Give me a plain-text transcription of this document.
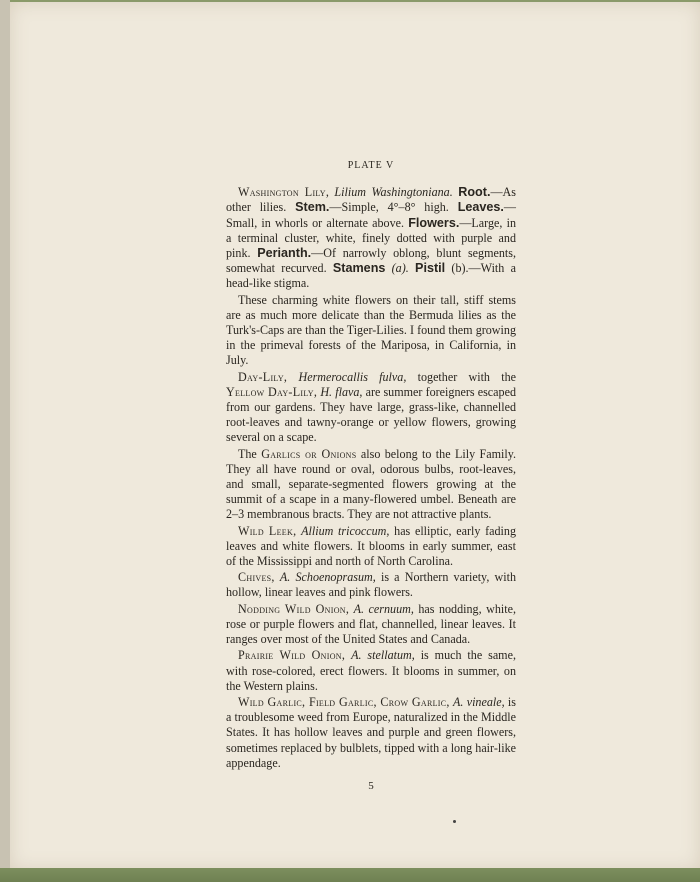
PLATE V

Washington Lily, Lilium Washingtoniana. Root.—As other lilies. Stem.—Simple, 4°–8° high. Leaves.—Small, in whorls or alternate above. Flowers.—Large, in a terminal cluster, white, finely dotted with purple and pink. Perianth.—Of narrowly oblong, blunt segments, somewhat recurved. Stamens (a). Pistil (b).—With a head-like stigma.

These charming white flowers on their tall, stiff stems are as much more delicate than the Bermuda lilies as the Turk's-Caps are than the Tiger-Lilies. I found them growing in the primeval forests of the Mariposa, in California, in July.

Day-Lily, Hermerocallis fulva, together with the Yellow Day-Lily, H. flava, are summer foreigners escaped from our gardens. They have large, grass-like, channelled root-leaves and tawny-orange or yellow flowers, growing several on a scape.

The Garlics or Onions also belong to the Lily Family. They all have round or oval, odorous bulbs, root-leaves, and small, separate-segmented flowers growing at the summit of a scape in a many-flowered umbel. Beneath are 2–3 membranous bracts. They are not attractive plants.

Wild Leek, Allium tricoccum, has elliptic, early fading leaves and white flowers. It blooms in early summer, east of the Mississippi and north of North Carolina.

Chives, A. Schoenoprasum, is a Northern variety, with hollow, linear leaves and pink flowers.

Nodding Wild Onion, A. cernuum, has nodding, white, rose or purple flowers and flat, channelled, linear leaves. It ranges over most of the United States and Canada.

Prairie Wild Onion, A. stellatum, is much the same, with rose-colored, erect flowers. It blooms in summer, on the Western plains.

Wild Garlic, Field Garlic, Crow Garlic, A. vineale, is a troublesome weed from Europe, naturalized in the Middle States. It has hollow leaves and purple and green flowers, sometimes replaced by bulblets, tipped with a long hair-like appendage.

5
